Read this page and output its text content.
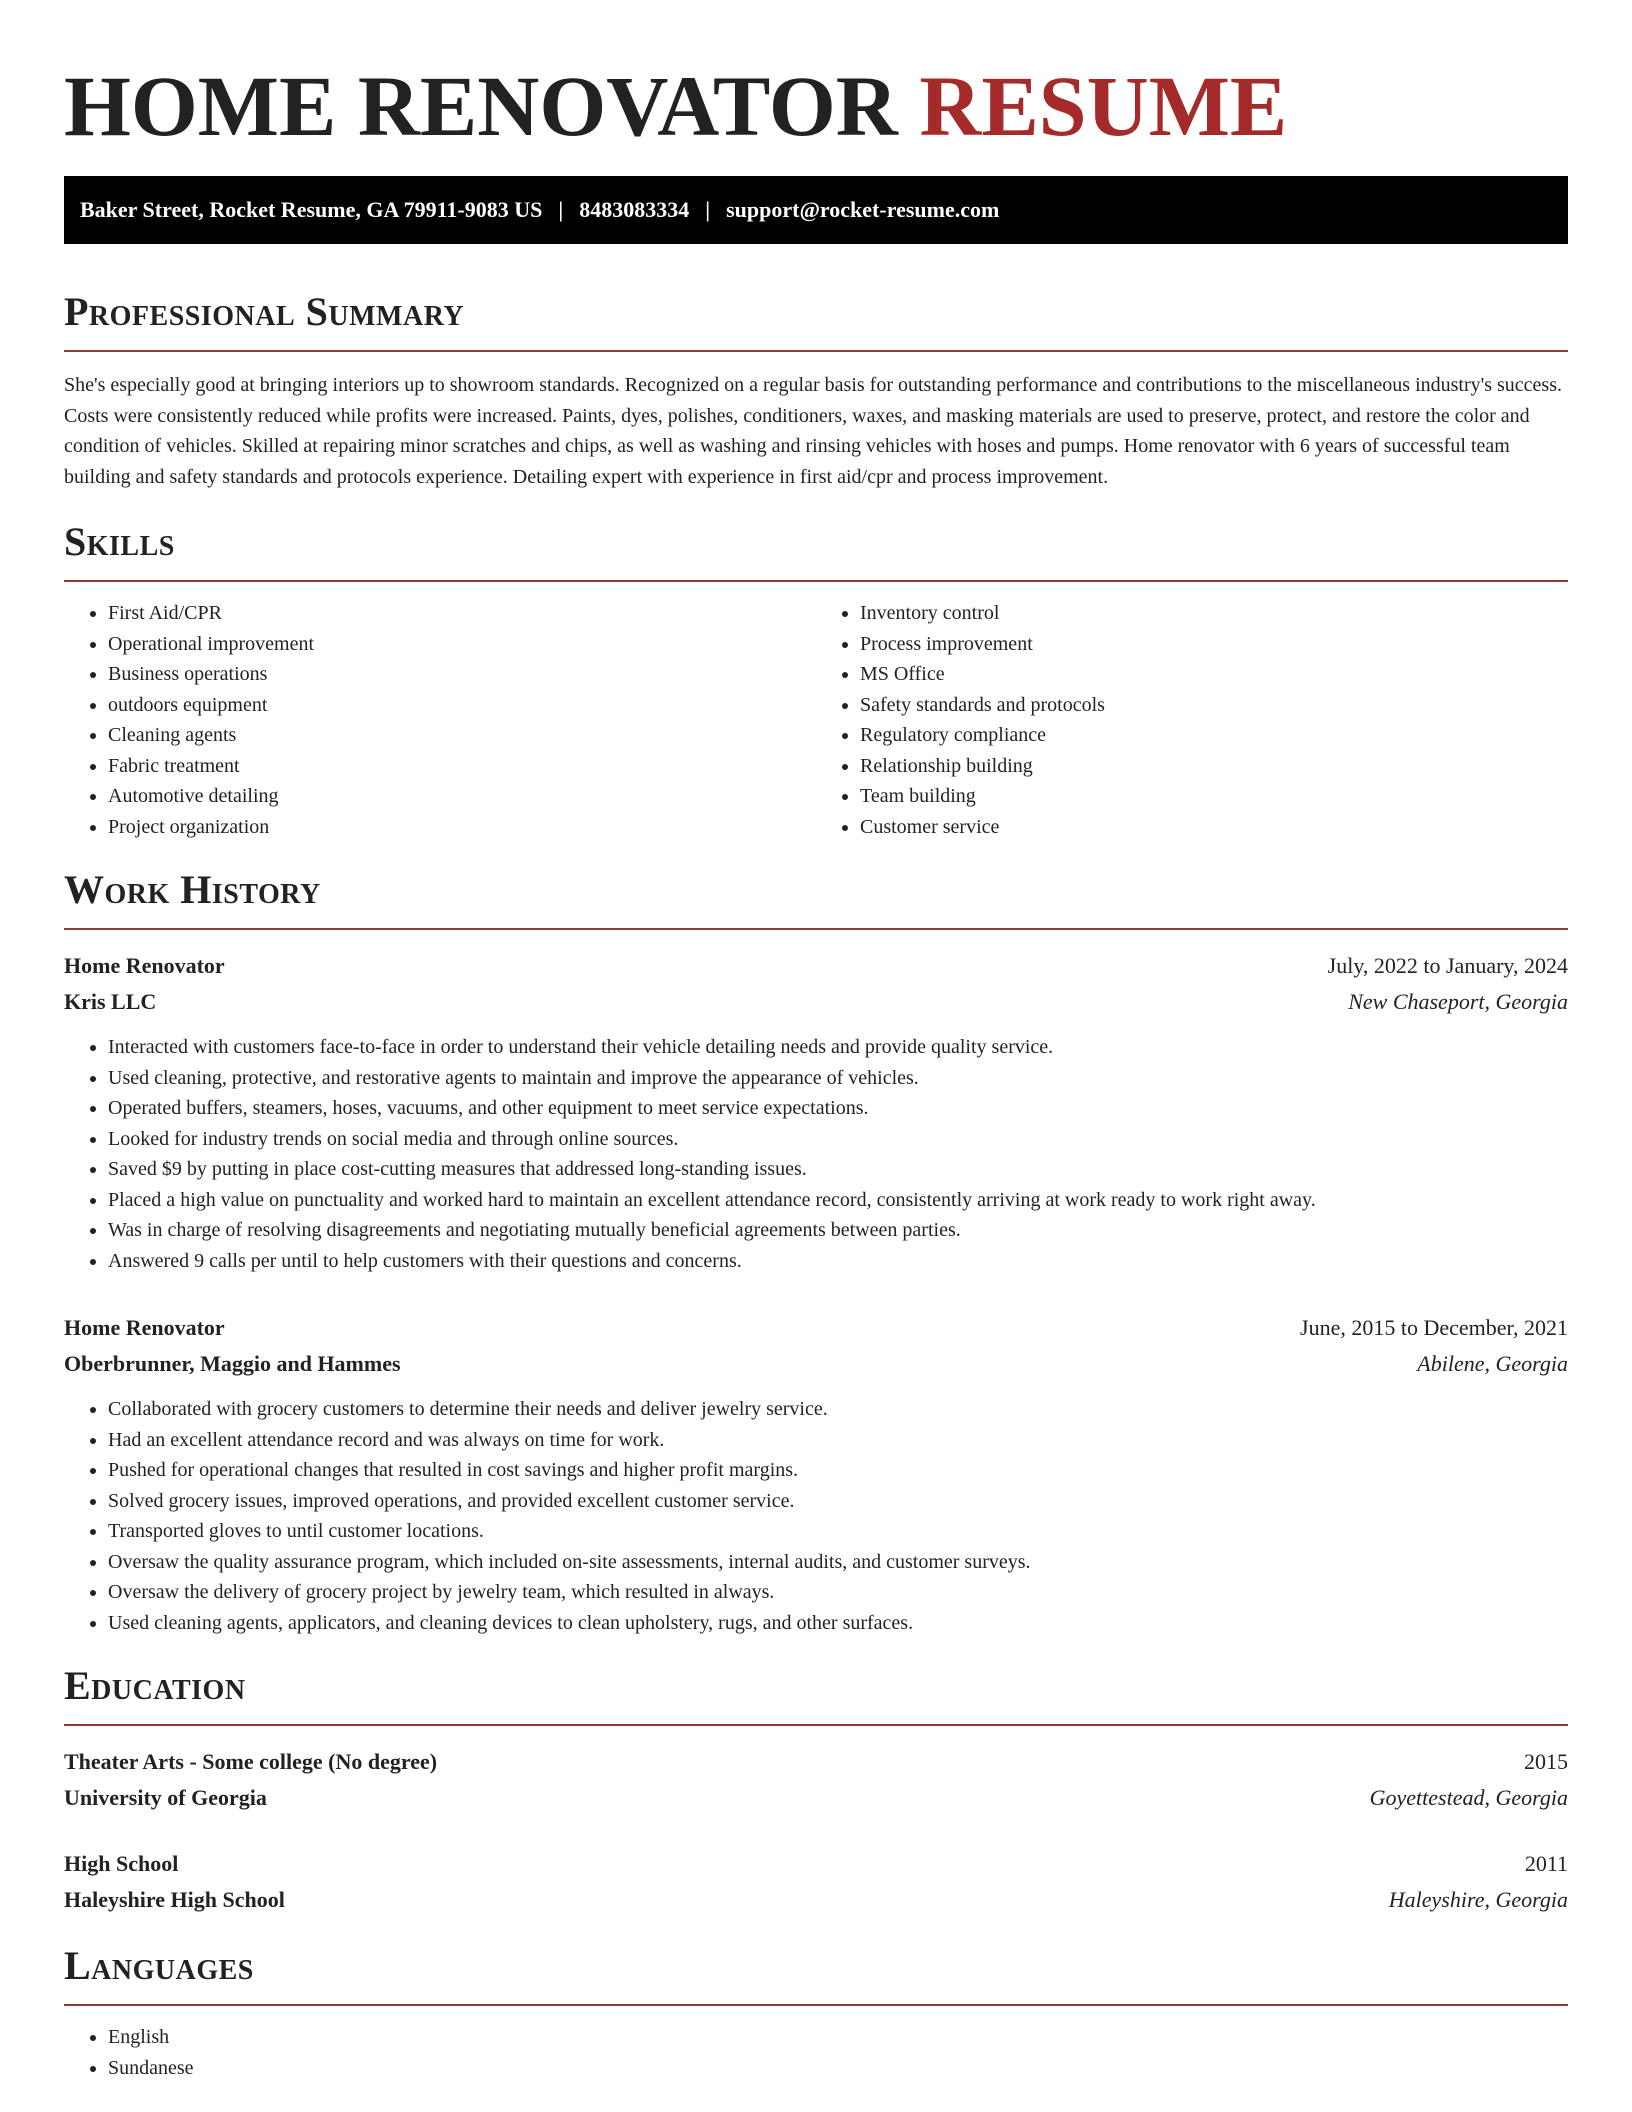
HOME RENOVATOR RESUME
Baker Street, Rocket Resume, GA 79911-9083 US | 8483083334 | support@rocket-resume.com
Professional Summary

She's especially good at bringing interiors up to showroom standards. Recognized on a regular basis for outstanding performance and contributions to the miscellaneous industry's success. Costs were consistently reduced while profits were increased. Paints, dyes, polishes, conditioners, waxes, and masking materials are used to preserve, protect, and restore the color and condition of vehicles. Skilled at repairing minor scratches and chips, as well as washing and rinsing vehicles with hoses and pumps. Home renovator with 6 years of successful team building and safety standards and protocols experience. Detailing expert with experience in first aid/cpr and process improvement.

Skills
• First Aid/CPR
• Operational improvement
• Business operations
• outdoors equipment
• Cleaning agents
• Fabric treatment
• Automotive detailing
• Project organization
• Inventory control
• Process improvement
• MS Office
• Safety standards and protocols
• Regulatory compliance
• Relationship building
• Team building
• Customer service
Work History
Home Renovator	July, 2022 to January, 2024
Kris LLC	New Chaseport, Georgia
• Interacted with customers face-to-face in order to understand their vehicle detailing needs and provide quality service.
• Used cleaning, protective, and restorative agents to maintain and improve the appearance of vehicles.
• Operated buffers, steamers, hoses, vacuums, and other equipment to meet service expectations.
• Looked for industry trends on social media and through online sources.
• Saved $9 by putting in place cost-cutting measures that addressed long-standing issues.
• Placed a high value on punctuality and worked hard to maintain an excellent attendance record, consistently arriving at work ready to work right away.
• Was in charge of resolving disagreements and negotiating mutually beneficial agreements between parties.
• Answered 9 calls per until to help customers with their questions and concerns.
Home Renovator	June, 2015 to December, 2021
Oberbrunner, Maggio and Hammes	Abilene, Georgia
• Collaborated with grocery customers to determine their needs and deliver jewelry service.
• Had an excellent attendance record and was always on time for work.
• Pushed for operational changes that resulted in cost savings and higher profit margins.
• Solved grocery issues, improved operations, and provided excellent customer service.
• Transported gloves to until customer locations.
• Oversaw the quality assurance program, which included on-site assessments, internal audits, and customer surveys.
• Oversaw the delivery of grocery project by jewelry team, which resulted in always.
• Used cleaning agents, applicators, and cleaning devices to clean upholstery, rugs, and other surfaces.
Education
Theater Arts - Some college (No degree)	2015
University of Georgia	Goyettestead, Georgia
High School	2011
Haleyshire High School	Haleyshire, Georgia
Languages
• English
• Sundanese
